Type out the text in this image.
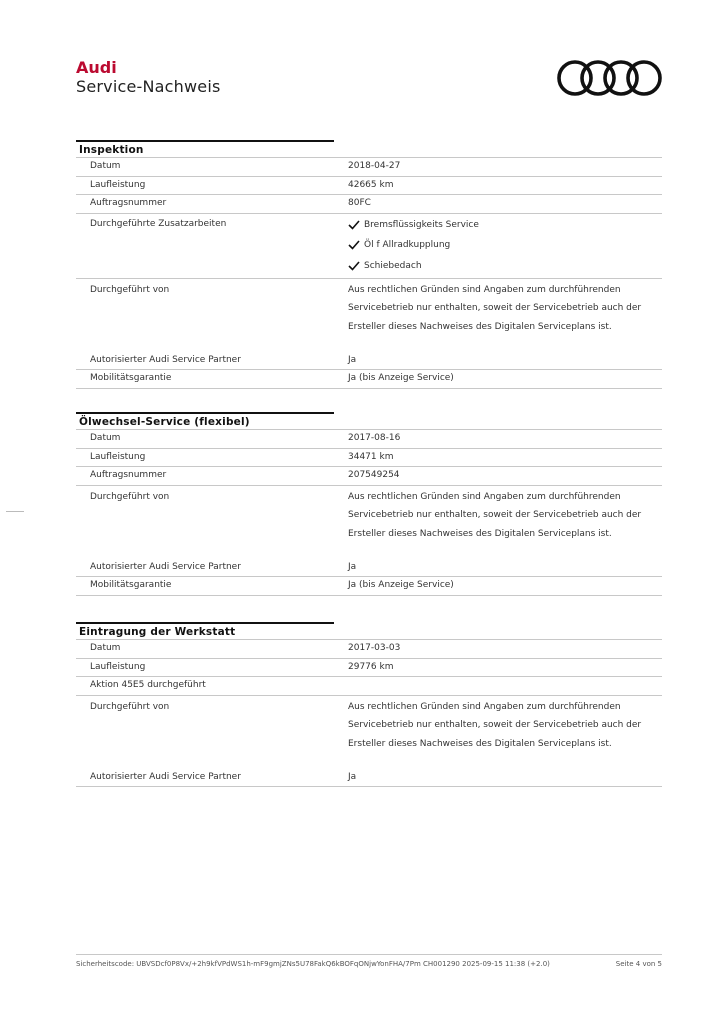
Audi
Service-Nachweis
Inspektion
Datum	2018-04-27
Laufleistung	42665 km
Auftragsnummer	80FC
Durchgeführte Zusatzarbeiten	Bremsflüssigkeits Service
Öl f Allradkupplung
Schiebedach
Durchgeführt von	Aus rechtlichen Gründen sind Angaben zum durchführenden

Servicebetrieb nur enthalten, soweit der Servicebetrieb auch der

Ersteller dieses Nachweises des Digitalen Serviceplans ist.

Autorisierter Audi Service Partner	Ja
Mobilitätsgarantie	Ja (bis Anzeige Service)
Ölwechsel-Service (flexibel)
Datum	2017-08-16
Laufleistung	34471 km
Auftragsnummer	207549254
Durchgeführt von	Aus rechtlichen Gründen sind Angaben zum durchführenden

Servicebetrieb nur enthalten, soweit der Servicebetrieb auch der

Ersteller dieses Nachweises des Digitalen Serviceplans ist.

Autorisierter Audi Service Partner	Ja
Mobilitätsgarantie	Ja (bis Anzeige Service)
Eintragung der Werkstatt
Datum	2017-03-03
Laufleistung	29776 km
Aktion 45E5 durchgeführt
Durchgeführt von	Aus rechtlichen Gründen sind Angaben zum durchführenden

Servicebetrieb nur enthalten, soweit der Servicebetrieb auch der

Ersteller dieses Nachweises des Digitalen Serviceplans ist.

Autorisierter Audi Service Partner	Ja
Sicherheitscode: UBVSDcf0P8Vx/+2h9kfVPdWS1h-mF9gmjZNs5U78FakQ6kBOFqONjwYonFHA/7Pm CH001290 2025-09-15 11:38 (+2.0)	Seite 4 von 5
